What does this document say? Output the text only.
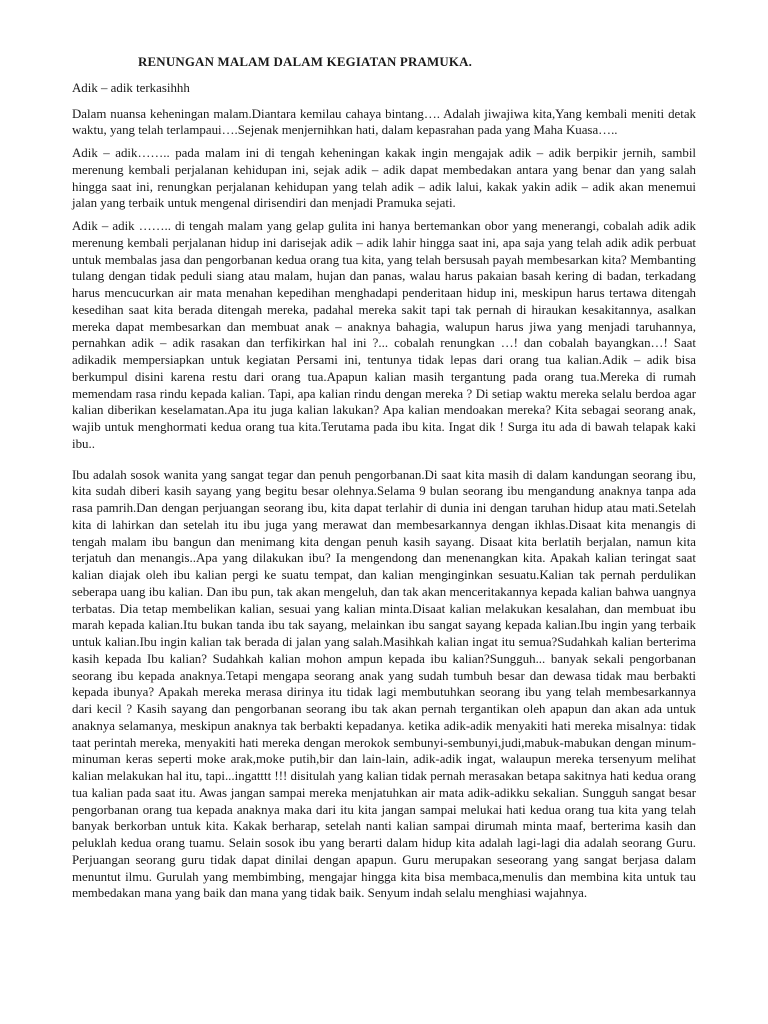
RENUNGAN MALAM DALAM KEGIATAN PRAMUKA.
Adik – adik terkasihhh

Dalam nuansa keheningan malam.Diantara kemilau cahaya bintang…. Adalah jiwajiwa kita,Yang kembali meniti detak waktu, yang telah terlampaui….Sejenak menjernihkan hati, dalam kepasrahan pada yang Maha Kuasa…..

Adik – adik…….. pada malam ini di tengah keheningan kakak ingin mengajak adik – adik berpikir jernih, sambil merenung kembali perjalanan kehidupan ini, sejak adik – adik dapat membedakan antara yang benar dan yang salah hingga saat ini, renungkan perjalanan kehidupan yang telah adik – adik lalui, kakak yakin adik – adik akan menemui jalan yang terbaik untuk mengenal dirisendiri dan menjadi Pramuka sejati.

Adik – adik …….. di tengah malam yang gelap gulita ini hanya bertemankan obor yang menerangi, cobalah adik adik merenung kembali perjalanan hidup ini darisejak adik – adik lahir hingga saat ini, apa saja yang telah adik adik perbuat untuk membalas jasa dan pengorbanan kedua orang tua kita, yang telah bersusah payah membesarkan kita? Membanting tulang dengan tidak peduli siang atau malam, hujan dan panas, walau harus pakaian basah kering di badan, terkadang harus mencucurkan air mata menahan kepedihan menghadapi penderitaan hidup ini, meskipun harus tertawa ditengah kesedihan saat kita berada ditengah mereka, padahal mereka sakit tapi tak pernah di hiraukan kesakitannya, asalkan mereka dapat membesarkan dan membuat anak – anaknya bahagia, walupun harus jiwa yang menjadi taruhannya, pernahkan adik – adik rasakan dan terfikirkan hal ini ?... cobalah renungkan …! dan cobalah bayangkan…! Saat adikadik mempersiapkan untuk kegiatan Persami ini, tentunya tidak lepas dari orang tua kalian.Adik – adik bisa berkumpul disini karena restu dari orang tua.Apapun kalian masih tergantung pada orang tua.Mereka di rumah memendam rasa rindu kepada kalian. Tapi, apa kalian rindu dengan mereka ? Di setiap waktu mereka selalu berdoa agar kalian diberikan keselamatan.Apa itu juga kalian lakukan? Apa kalian mendoakan mereka? Kita sebagai seorang anak, wajib untuk menghormati kedua orang tua kita.Terutama pada ibu kita. Ingat dik ! Surga itu ada di bawah telapak kaki ibu..

Ibu adalah sosok wanita yang sangat tegar dan penuh pengorbanan.Di saat kita masih di dalam kandungan seorang ibu, kita sudah diberi kasih sayang yang begitu besar olehnya.Selama 9 bulan seorang ibu mengandung anaknya tanpa ada rasa pamrih.Dan dengan perjuangan seorang ibu, kita dapat terlahir di dunia ini dengan taruhan hidup atau mati.Setelah kita di lahirkan dan setelah itu ibu juga yang merawat dan membesarkannya dengan ikhlas.Disaat kita menangis di tengah malam ibu bangun dan menimang kita dengan penuh kasih sayang. Disaat kita berlatih berjalan, namun kita terjatuh dan menangis..Apa yang dilakukan ibu? Ia mengendong dan menenangkan kita. Apakah kalian teringat saat kalian diajak oleh ibu kalian pergi ke suatu tempat, dan kalian menginginkan sesuatu.Kalian tak pernah perdulikan seberapa uang ibu kalian. Dan ibu pun, tak akan mengeluh, dan tak akan menceritakannya kepada kalian bahwa uangnya terbatas. Dia tetap membelikan kalian, sesuai yang kalian minta.Disaat kalian melakukan kesalahan, dan membuat ibu marah kepada kalian.Itu bukan tanda ibu tak sayang, melainkan ibu sangat sayang kepada kalian.Ibu ingin yang terbaik untuk kalian.Ibu ingin kalian tak berada di jalan yang salah.Masihkah kalian ingat itu semua?Sudahkah kalian berterima kasih kepada Ibu kalian? Sudahkah kalian mohon ampun kepada ibu kalian?Sungguh... banyak sekali pengorbanan seorang ibu kepada anaknya.Tetapi mengapa seorang anak yang sudah tumbuh besar dan dewasa tidak mau berbakti kepada ibunya? Apakah mereka merasa dirinya itu tidak lagi membutuhkan seorang ibu yang telah membesarkannya dari kecil ? Kasih sayang dan pengorbanan seorang ibu tak akan pernah tergantikan oleh apapun dan akan ada untuk anaknya selamanya, meskipun anaknya tak berbakti kepadanya. ketika adik-adik menyakiti hati mereka misalnya: tidak taat perintah mereka, menyakiti hati mereka dengan merokok sembunyi-sembunyi,judi,mabuk-mabukan dengan minum- minuman keras seperti moke arak,moke putih,bir dan lain-lain, adik-adik ingat, walaupun mereka tersenyum melihat kalian melakukan hal itu, tapi...ingatttt !!! disitulah yang kalian tidak pernah merasakan betapa sakitnya hati kedua orang tua kalian pada saat itu. Awas jangan sampai mereka menjatuhkan air mata adik-adikku sekalian. Sungguh sangat besar pengorbanan orang tua kepada anaknya maka dari itu kita jangan sampai melukai hati kedua orang tua kita yang telah banyak berkorban untuk kita. Kakak berharap, setelah nanti kalian sampai dirumah minta maaf, berterima kasih dan peluklah kedua orang tuamu. Selain sosok ibu yang berarti dalam hidup kita adalah lagi-lagi dia adalah seorang Guru. Perjuangan seorang guru tidak dapat dinilai dengan apapun. Guru merupakan seseorang yang sangat berjasa dalam menuntut ilmu. Gurulah yang membimbing, mengajar hingga kita bisa membaca,menulis dan membina kita untuk tau membedakan mana yang baik dan mana yang tidak baik. Senyum indah selalu menghiasi wajahnya.
